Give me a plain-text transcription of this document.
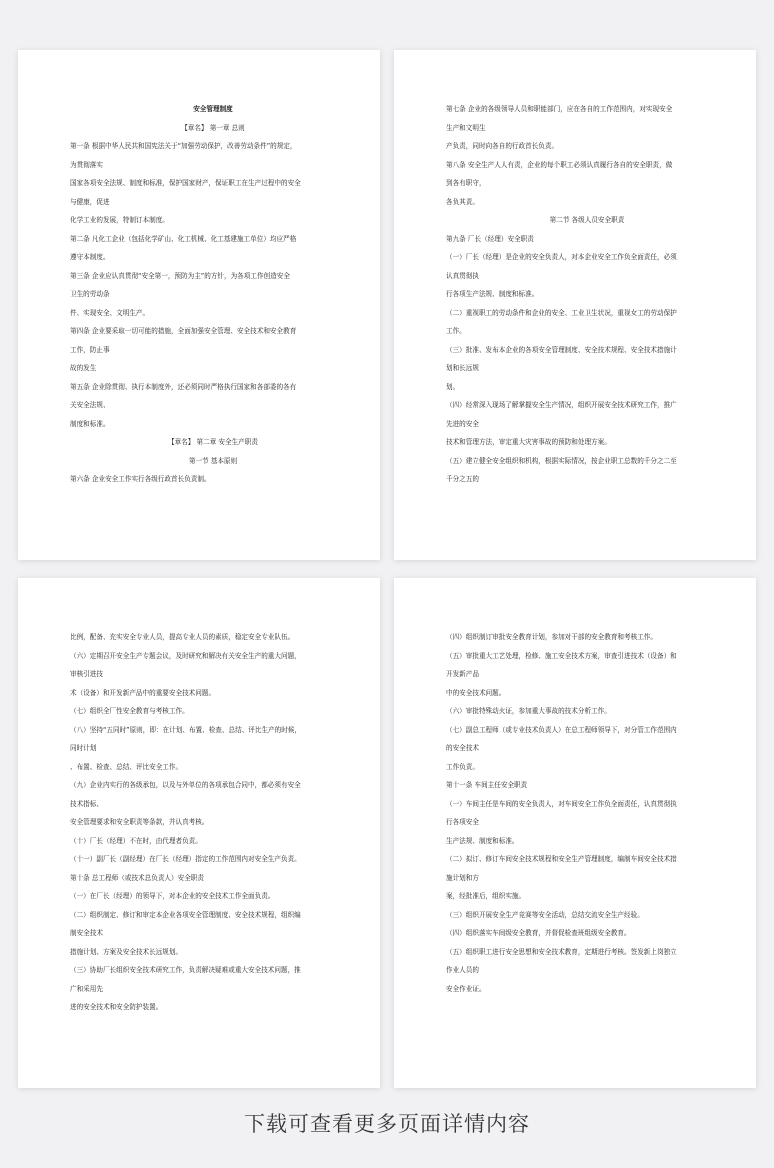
安全管理制度
【章名】 第一章 总则
第一条 根据中华人民共和国宪法关于“加强劳动保护，改善劳动条件”的规定，
为贯彻落实
国家各项安全法规、制度和标准，保护国家财产，保证职工在生产过程中的安全
与健康，促进
化学工业的发展，特制订本制度。
第二条 凡化工企业（包括化学矿山、化工机械、化工基建施工单位）均应严格
遵守本制度。
第三条 企业应认真贯彻“安全第一，预防为主”的方针，为各项工作创造安全
卫生的劳动条
件、实现安全、文明生产。
第四条 企业要采取一切可能的措施，全面加强安全管理、安全技术和安全教育
工作，防止事
故的发生
第五条 企业除贯彻、执行本制度外，还必须同时严格执行国家和各部委的各有
关安全法规、
制度和标准。
【章名】 第二章 安全生产职责
第一节 基本原则
第六条 企业安全工作实行各级行政首长负责制。
第七条 企业的各级领导人员和职能部门，应在各自的工作范围内，对实现安全
生产和文明生
产负责，同时向各自的行政首长负责。
第八条 安全生产人人有责，企业的每个职工必须认真履行各自的安全职责，做
到各有职守，
各负其责。
第二节 各级人员安全职责
第九条 厂长（经理）安全职责
（一）厂长（经理）是企业的安全负责人，对本企业安全工作负全面责任，必须
认真贯彻执
行各项生产法规、制度和标准。
（二）重视职工的劳动条件和企业的安全、工业卫生状况，重视女工的劳动保护
工作。
（三）批准、发布本企业的各项安全管理制度、安全技术规程、安全技术措施计
划和长远规
划。
（四）经常深入现场了解掌握安全生产情况，组织开展安全技术研究工作，推广
先进的安全
技术和管理方法，审定重大灾害事故的预防和处理方案。
（五）建立健全安全组织和机构，根据实际情况，按企业职工总数的千分之二至
千分之五的
比例，配备、充实安全专业人员，提高专业人员的素质，稳定安全专业队伍。
（六）定期召开安全生产专题会议，及时研究和解决有关安全生产的重大问题，
审核引进技
术（设备）和开发新产品中的重要安全技术问题。
（七）组织全厂性安全教育与考核工作。
（八）坚持“五同时”原则，即：在计划、布置、检查、总结、评比生产的时候，
同时计划
、布置、检查、总结、评比安全工作。
（九）企业内实行的各级承包，以及与外单位的各项承包合同中，都必须有安全
技术指标、
安全管理要求和安全职责等条款，并认真考核。
（十）厂长（经理）不在时，由代理者负责。
（十一）副厂长（副经理）在厂长（经理）指定的工作范围内对安全生产负责。
第十条 总工程师（或技术总负责人）安全职责
（一）在厂长（经理）的领导下，对本企业的安全技术工作全面负责。
（二）组织制定、修订和审定本企业各项安全管理制度、安全技术规程，组织编
制安全技术
措施计划、方案及安全技术长远规划。
（三）协助厂长组织安全技术研究工作，负责解决疑难或重大安全技术问题，推
广和采用先
进的安全技术和安全防护装置。
（四）组织制订审批安全教育计划，参加对干部的安全教育和考核工作。
（五）审批重大工艺处理，检修、施工安全技术方案，审查引进技术（设备）和
开发新产品
中的安全技术问题。
（六）审批特殊动火证，参加重大事故的技术分析工作。
（七）副总工程师（或专业技术负责人）在总工程师领导下，对分管工作范围内
的安全技术
工作负责。
第十一条 车间主任安全职责
（一）车间主任是车间的安全负责人，对车间安全工作负全面责任，认真贯彻执
行各项安全
生产法规、制度和标准。
（二）拟订、修订车间安全技术规程和安全生产管理制度，编制车间安全技术措
施计划和方
案，经批准后，组织实施。
（三）组织开展安全生产竞赛等安全活动，总结交流安全生产经验。
（四）组织落实车间级安全教育，并督促检查班组级安全教育。
（五）组织职工进行安全思想和安全技术教育，定期进行考核。签发新上岗独立
作业人员的
安全作业证。
下载可查看更多页面详情内容
